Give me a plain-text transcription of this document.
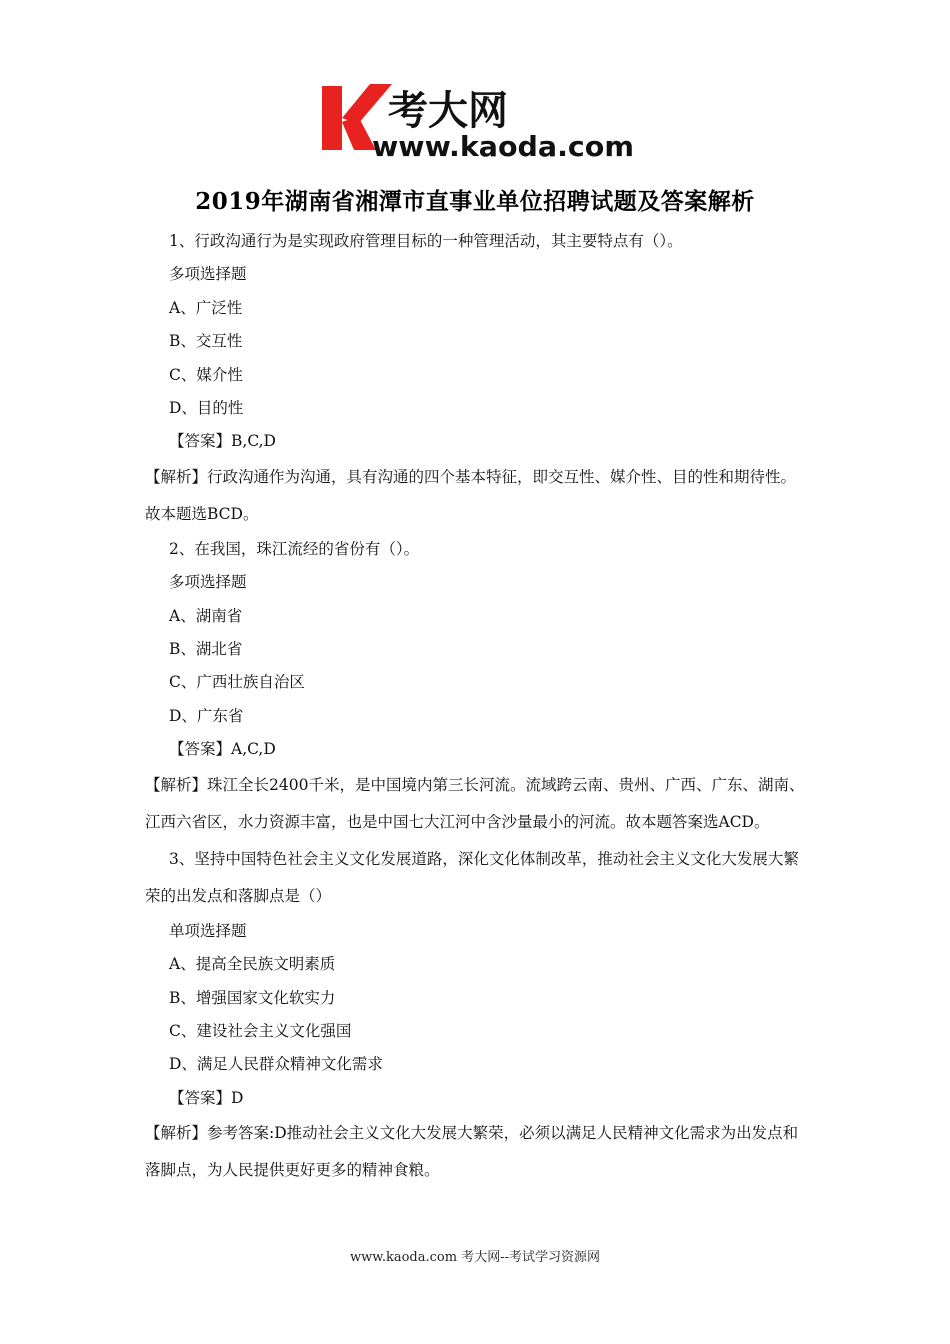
考大网
www.kaoda.com
2019年湖南省湘潭市直事业单位招聘试题及答案解析

1、行政沟通行为是实现政府管理目标的一种管理活动，其主要特点有（）。

多项选择题

A、广泛性

B、交互性

C、媒介性

D、目的性

【答案】B,C,D

【解析】行政沟通作为沟通，具有沟通的四个基本特征，即交互性、媒介性、目的性和期待性。故本题选BCD。

2、在我国，珠江流经的省份有（）。

多项选择题

A、湖南省

B、湖北省

C、广西壮族自治区

D、广东省

【答案】A,C,D

【解析】珠江全长2400千米，是中国境内第三长河流。流域跨云南、贵州、广西、广东、湖南、江西六省区，水力资源丰富，也是中国七大江河中含沙量最小的河流。故本题答案选ACD。

3、坚持中国特色社会主义文化发展道路，深化文化体制改革，推动社会主义文化大发展大繁荣的出发点和落脚点是（）

单项选择题

A、提高全民族文明素质

B、增强国家文化软实力

C、建设社会主义文化强国

D、满足人民群众精神文化需求

【答案】D

【解析】参考答案:D推动社会主义文化大发展大繁荣，必须以满足人民精神文化需求为出发点和落脚点，为人民提供更好更多的精神食粮。

www.kaoda.com 考大网--考试学习资源网
